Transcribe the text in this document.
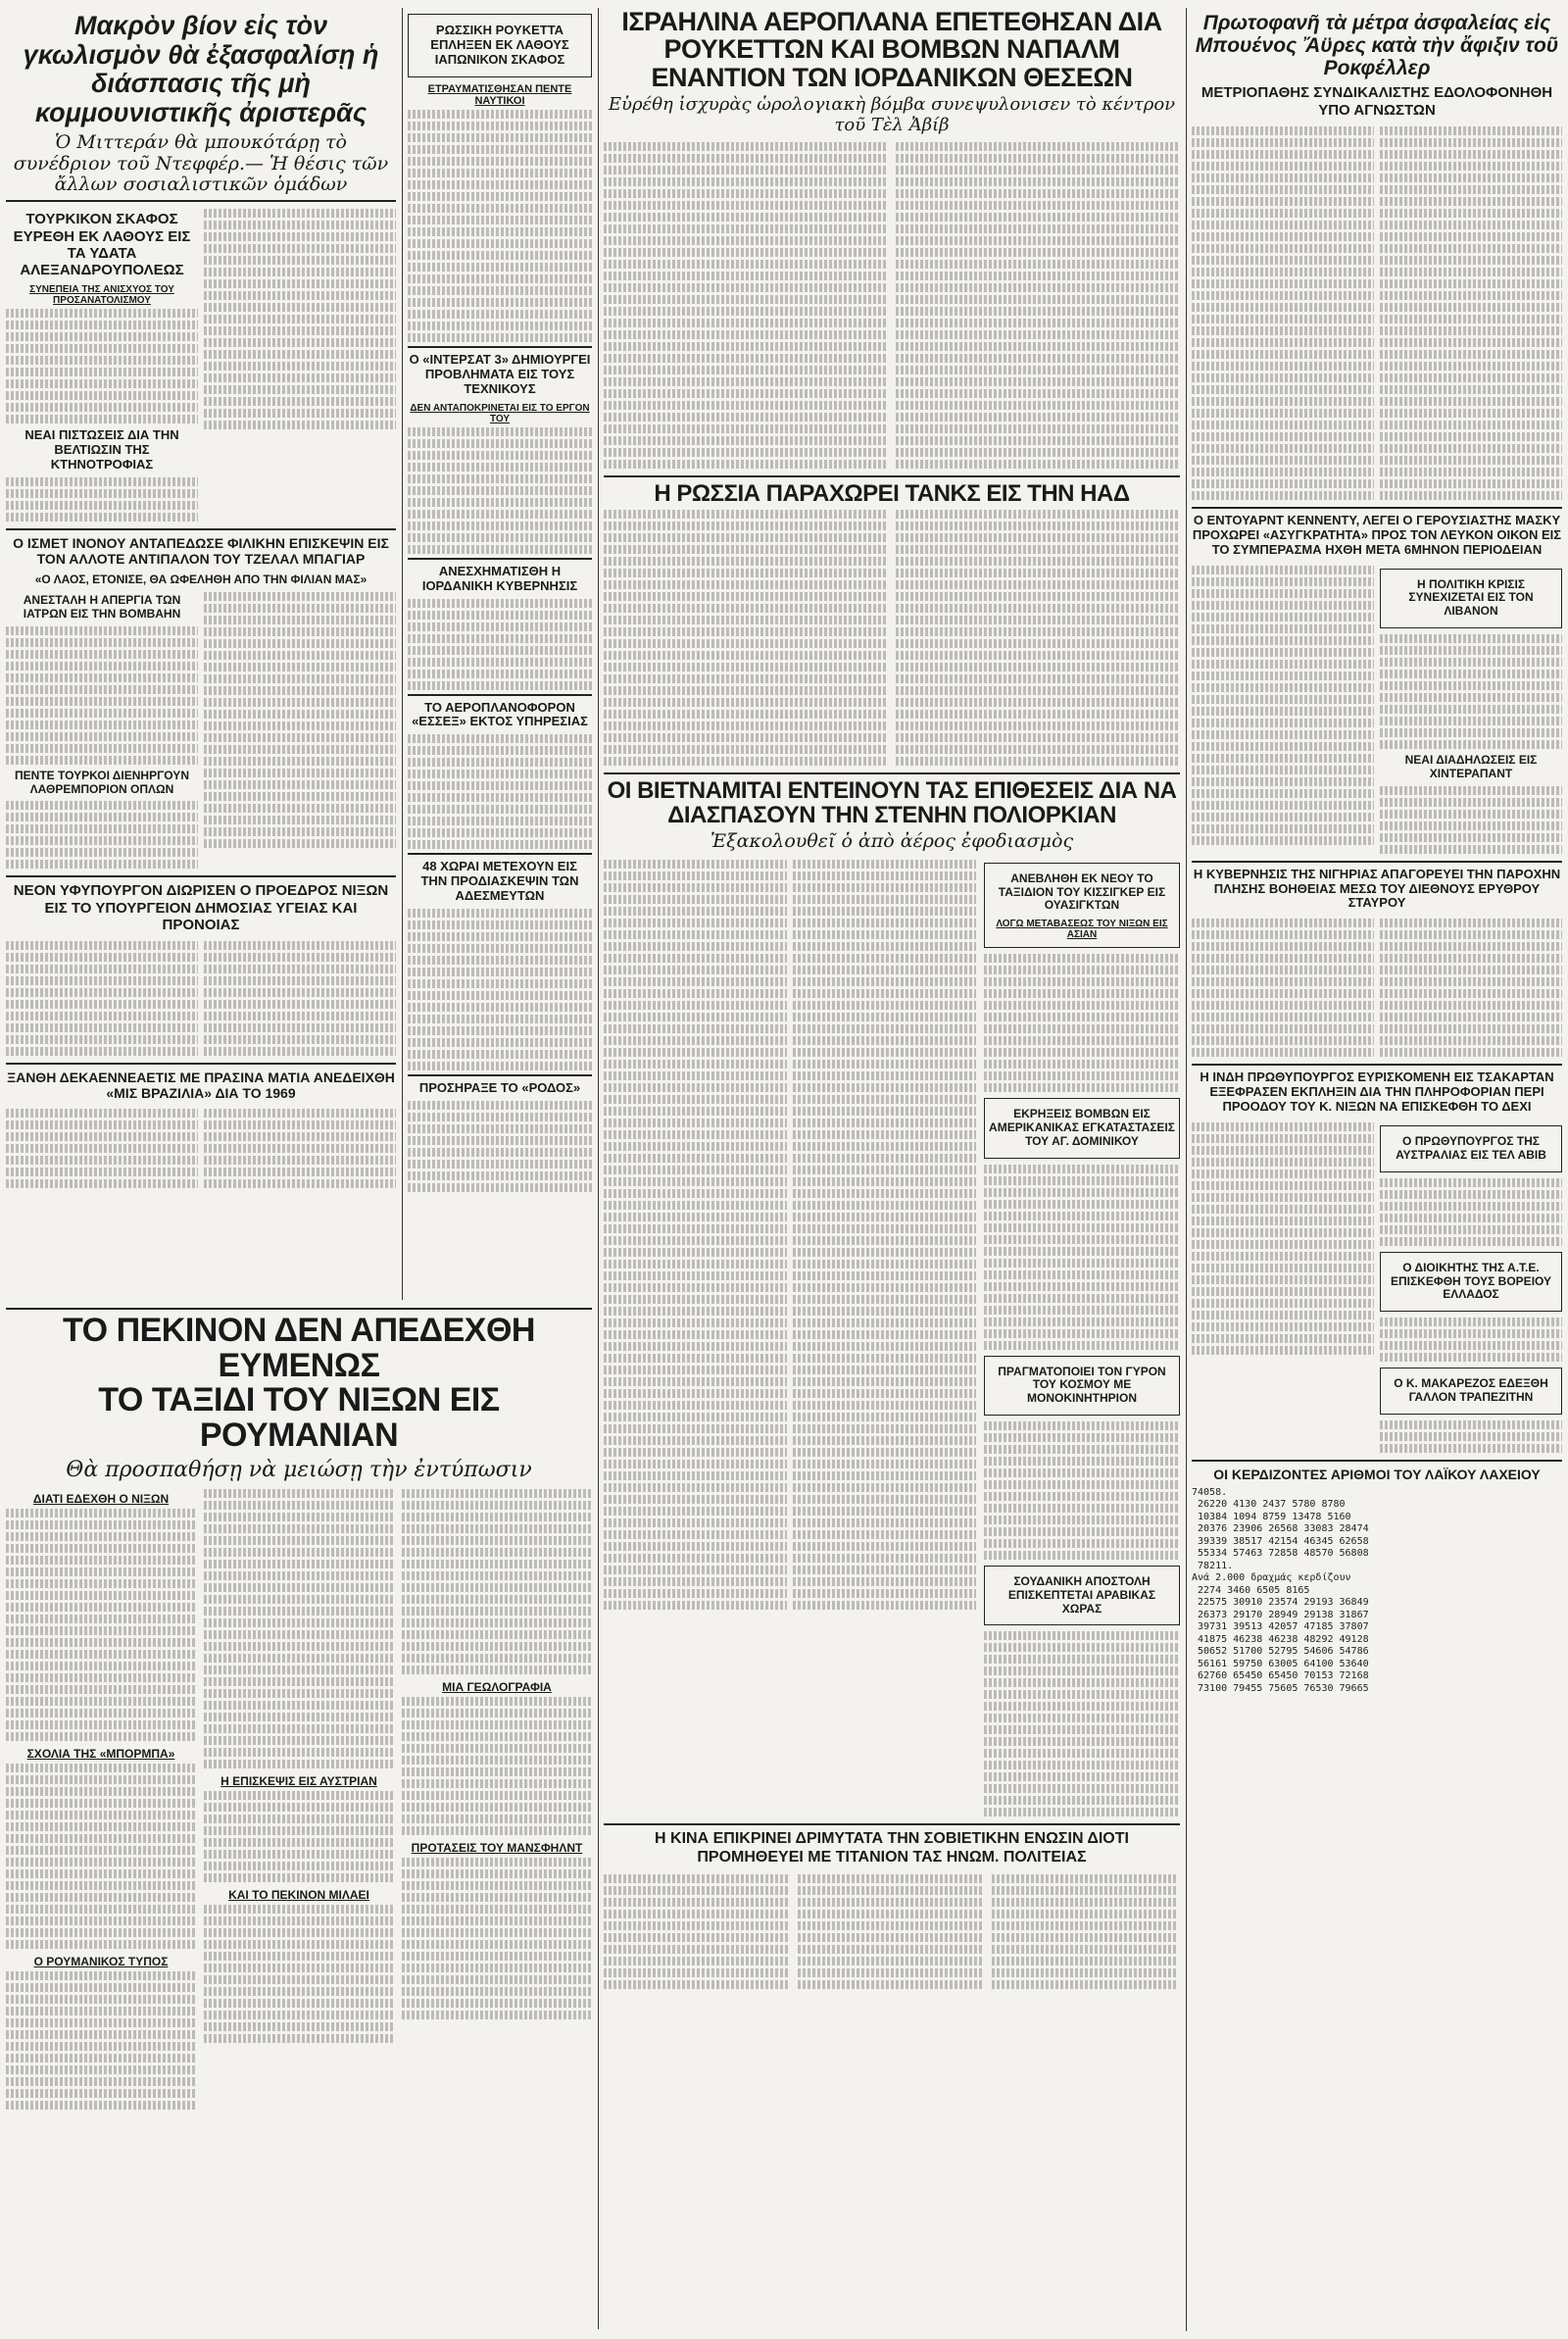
Μακρὸν βίον εἰς τὸν γκωλισμὸν θὰ ἐξασφαλίσῃ ἡ διάσπασις τῆς μὴ κομμουνιστικῆς ἀριστερᾶς

Ὁ Μιττεράν θὰ μπουκότάρῃ τὸ συνέδριον τοῦ Ντεφφέρ.— Ἡ θέσις τῶν ἄλλων σοσιαλιστικῶν ὁμάδων

ΤΟΥΡΚΙΚΟΝ ΣΚΑΦΟΣ ΕΥΡΕΘΗ ΕΚ ΛΑΘΟΥΣ ΕΙΣ ΤΑ ΥΔΑΤΑ ΑΛΕΞΑΝΔΡΟΥΠΟΛΕΩΣ
ΣΥΝΕΠΕΙΑ ΤΗΣ ΑΝΙΣΧΥΟΣ ΤΟΥ ΠΡΟΣΑΝΑΤΟΛΙΣΜΟΥ
ΝΕΑΙ ΠΙΣΤΩΣΕΙΣ ΔΙΑ ΤΗΝ ΒΕΛΤΙΩΣΙΝ ΤΗΣ ΚΤΗΝΟΤΡΟΦΙΑΣ
Ο ΙΣΜΕΤ ΙΝΟΝΟΥ ΑΝΤΑΠΕΔΩΣΕ ΦΙΛΙΚΗΝ ΕΠΙΣΚΕΨΙΝ ΕΙΣ ΤΟΝ ΑΛΛΟΤΕ ΑΝΤΙΠΑΛΟΝ ΤΟΥ ΤΖΕΛΑΛ ΜΠΑΓΙΑΡ
«Ο ΛΑΟΣ, ΕΤΟΝΙΣΕ, ΘΑ ΩΦΕΛΗΘΗ ΑΠΟ ΤΗΝ ΦΙΛΙΑΝ ΜΑΣ»
ΑΝΕΣΤΑΛΗ Η ΑΠΕΡΓΙΑ ΤΩΝ ΙΑΤΡΩΝ ΕΙΣ ΤΗΝ ΒΟΜΒΑΗΝ
ΠΕΝΤΕ ΤΟΥΡΚΟΙ ΔΙΕΝΗΡΓΟΥΝ ΛΑΘΡΕΜΠΟΡΙΟΝ ΟΠΛΩΝ
ΝΕΟΝ ΥΦΥΠΟΥΡΓΟΝ ΔΙΩΡΙΣΕΝ Ο ΠΡΟΕΔΡΟΣ ΝΙΞΩΝ ΕΙΣ ΤΟ ΥΠΟΥΡΓΕΙΟΝ ΔΗΜΟΣΙΑΣ ΥΓΕΙΑΣ ΚΑΙ ΠΡΟΝΟΙΑΣ
ΞΑΝΘΗ ΔΕΚΑΕΝΝΕΑΕΤΙΣ ΜΕ ΠΡΑΣΙΝΑ ΜΑΤΙΑ ΑΝΕΔΕΙΧΘΗ «ΜΙΣ ΒΡΑΖΙΛΙΑ» ΔΙΑ ΤΟ 1969
ΡΩΣΣΙΚΗ ΡΟΥΚΕΤΤΑ ΕΠΛΗΞΕΝ ΕΚ ΛΑΘΟΥΣ ΙΑΠΩΝΙΚΟΝ ΣΚΑΦΟΣ
ΕΤΡΑΥΜΑΤΙΣΘΗΣΑΝ ΠΕΝΤΕ ΝΑΥΤΙΚΟΙ
Ο «ΙΝΤΕΡΣΑΤ 3» ΔΗΜΙΟΥΡΓΕΙ ΠΡΟΒΛΗΜΑΤΑ ΕΙΣ ΤΟΥΣ ΤΕΧΝΙΚΟΥΣ
ΔΕΝ ΑΝΤΑΠΟΚΡΙΝΕΤΑΙ ΕΙΣ ΤΟ ΕΡΓΟΝ ΤΟΥ
ΑΝΕΣΧΗΜΑΤΙΣΘΗ Η ΙΟΡΔΑΝΙΚΗ ΚΥΒΕΡΝΗΣΙΣ
ΤΟ ΑΕΡΟΠΛΑΝΟΦΟΡΟΝ «ΕΣΣΕΞ» ΕΚΤΟΣ ΥΠΗΡΕΣΙΑΣ
48 ΧΩΡΑΙ ΜΕΤΕΧΟΥΝ ΕΙΣ ΤΗΝ ΠΡΟΔΙΑΣΚΕΨΙΝ ΤΩΝ ΑΔΕΣΜΕΥΤΩΝ
ΠΡΟΣΗΡΑΞΕ ΤΟ «ΡΟΔΟΣ»
ΙΣΡΑΗΛΙΝΑ ΑΕΡΟΠΛΑΝΑ ΕΠΕΤΕΘΗΣΑΝ ΔΙΑ ΡΟΥΚΕΤΤΩΝ ΚΑΙ ΒΟΜΒΩΝ ΝΑΠΑΛΜ ΕΝΑΝΤΙΟΝ ΤΩΝ ΙΟΡΔΑΝΙΚΩΝ ΘΕΣΕΩΝ

Εὑρέθη ἰσχυρὰς ὡρολογιακὴ βόμβα συνεψυλονισεν τὸ κέντρον τοῦ Τὲλ Ἀβίβ

Η ΡΩΣΣΙΑ ΠΑΡΑΧΩΡΕΙ ΤΑΝΚΣ ΕΙΣ ΤΗΝ ΗΑΔ
ΟΙ ΒΙΕΤΝΑΜΙΤΑΙ ΕΝΤΕΙΝΟΥΝ ΤΑΣ ΕΠΙΘΕΣΕΙΣ ΔΙΑ ΝΑ ΔΙΑΣΠΑΣΟΥΝ ΤΗΝ ΣΤΕΝΗΝ ΠΟΛΙΟΡΚΙΑΝ

Ἐξακολουθεῖ ὁ ἀπὸ ἀέρος ἐφοδιασμὸς

ΑΝΕΒΛΗΘΗ ΕΚ ΝΕΟΥ ΤΟ ΤΑΞΙΔΙΟΝ ΤΟΥ ΚΙΣΣΙΓΚΕΡ ΕΙΣ ΟΥΑΣΙΓΚΤΩΝ
ΛΟΓΩ ΜΕΤΑΒΑΣΕΩΣ ΤΟΥ ΝΙΞΩΝ ΕΙΣ ΑΣΙΑΝ
ΕΚΡΗΞΕΙΣ ΒΟΜΒΩΝ ΕΙΣ ΑΜΕΡΙΚΑΝΙΚΑΣ ΕΓΚΑΤΑΣΤΑΣΕΙΣ ΤΟΥ ΑΓ. ΔΟΜΙΝΙΚΟΥ
ΠΡΑΓΜΑΤΟΠΟΙΕΙ ΤΟΝ ΓΥΡΟΝ ΤΟΥ ΚΟΣΜΟΥ ΜΕ ΜΟΝΟΚΙΝΗΤΗΡΙΟΝ
ΣΟΥΔΑΝΙΚΗ ΑΠΟΣΤΟΛΗ ΕΠΙΣΚΕΠΤΕΤΑΙ ΑΡΑΒΙΚΑΣ ΧΩΡΑΣ
Η ΚΙΝΑ ΕΠΙΚΡΙΝΕΙ ΔΡΙΜΥΤΑΤΑ ΤΗΝ ΣΟΒΙΕΤΙΚΗΝ ΕΝΩΣΙΝ ΔΙΟΤΙ ΠΡΟΜΗΘΕΥΕΙ ΜΕ ΤΙΤΑΝΙΟΝ ΤΑΣ ΗΝΩΜ. ΠΟΛΙΤΕΙΑΣ
Πρωτοφανῆ τὰ μέτρα ἀσφαλείας εἰς Μπουένος Ἄϋρες κατὰ τὴν ἄφιξιν τοῦ Ροκφέλλερ
ΜΕΤΡΙΟΠΑΘΗΣ ΣΥΝΔΙΚΑΛΙΣΤΗΣ ΕΔΟΛΟΦΟΝΗΘΗ ΥΠΟ ΑΓΝΩΣΤΩΝ
Ο ΕΝΤΟΥΑΡΝΤ ΚΕΝΝΕΝΤΥ, ΛΕΓΕΙ Ο ΓΕΡΟΥΣΙΑΣΤΗΣ ΜΑΣΚΥ ΠΡΟΧΩΡΕΙ «ΑΣΥΓΚΡΑΤΗΤΑ» ΠΡΟΣ ΤΟΝ ΛΕΥΚΟΝ ΟΙΚΟΝ ΕΙΣ ΤΟ ΣΥΜΠΕΡΑΣΜΑ ΗΧΘΗ ΜΕΤΑ 6ΜΗΝΟΝ ΠΕΡΙΟΔΕΙΑΝ
Η ΠΟΛΙΤΙΚΗ ΚΡΙΣΙΣ ΣΥΝΕΧΙΖΕΤΑΙ ΕΙΣ ΤΟΝ ΛΙΒΑΝΟΝ
ΝΕΑΙ ΔΙΑΔΗΛΩΣΕΙΣ ΕΙΣ ΧΙΝΤΕΡΑΠΑΝΤ
Η ΚΥΒΕΡΝΗΣΙΣ ΤΗΣ ΝΙΓΗΡΙΑΣ ΑΠΑΓΟΡΕΥΕΙ ΤΗΝ ΠΑΡΟΧΗΝ ΠΛΗΣΗΣ ΒΟΗΘΕΙΑΣ ΜΕΣΩ ΤΟΥ ΔΙΕΘΝΟΥΣ ΕΡΥΘΡΟΥ ΣΤΑΥΡΟΥ
Η ΙΝΔΗ ΠΡΩΘΥΠΟΥΡΓΟΣ ΕΥΡΙΣΚΟΜΕΝΗ ΕΙΣ ΤΣΑΚΑΡΤΑΝ ΕΞΕΦΡΑΣΕΝ ΕΚΠΛΗΞΙΝ ΔΙΑ ΤΗΝ ΠΛΗΡΟΦΟΡΙΑΝ ΠΕΡΙ ΠΡΟΟΔΟΥ ΤΟΥ Κ. ΝΙΞΩΝ ΝΑ ΕΠΙΣΚΕΦΘΗ ΤΟ ΔΕΧΙ
Ο ΠΡΩΘΥΠΟΥΡΓΟΣ ΤΗΣ ΑΥΣΤΡΑΛΙΑΣ ΕΙΣ ΤΕΛ ΑΒΙΒ
Ο ΔΙΟΙΚΗΤΗΣ ΤΗΣ Α.Τ.Ε. ΕΠΙΣΚΕΦΘΗ ΤΟΥΣ ΒΟΡΕΙΟΥ ΕΛΛΑΔΟΣ
Ο Κ. ΜΑΚΑΡΕΖΟΣ ΕΔΕΞΘΗ ΓΑΛΛΟΝ ΤΡΑΠΕΖΙΤΗΝ
ΟΙ ΚΕΡΔΙΖΟΝΤΕΣ ΑΡΙΘΜΟΙ ΤΟΥ ΛΑΪΚΟΥ ΛΑΧΕΙΟΥ
74058.
26220 4130 2437 5780 8780
10384 1094 8759 13478 5160
20376 23906 26568 33083 28474
39339 38517 42154 46345 62658
55334 57463 72858 48570 56808
78211.
Ανά 2.000 δραχμάς κερδίζουν
2274 3460 6505 8165
22575 30910 23574 29193 36849
26373 29170 28949 29138 31867
39731 39513 42057 47185 37807
41875 46238 46238 48292 49128
50652 51700 52795 54606 54786
56161 59750 63005 64100 53640
62760 65450 65450 70153 72168
73100 79455 75605 76530 79665
ΤΟ ΠΕΚΙΝΟΝ ΔΕΝ ΑΠΕΔΕΧΘΗ ΕΥΜΕΝΩΣ
ΤΟ ΤΑΞΙΔΙ ΤΟΥ ΝΙΞΩΝ ΕΙΣ ΡΟΥΜΑΝΙΑΝ

Θὰ προσπαθήσῃ νὰ μειώσῃ τὴν ἐντύπωσιν

ΔΙΑΤΙ ΕΔΕΧΘΗ Ο ΝΙΞΩΝ
ΣΧΟΛΙΑ ΤΗΣ «ΜΠΟΡΜΠΑ»
Ο ΡΟΥΜΑΝΙΚΟΣ ΤΥΠΟΣ
Η ΕΠΙΣΚΕΨΙΣ ΕΙΣ ΑΥΣΤΡΙΑΝ
ΚΑΙ ΤΟ ΠΕΚΙΝΟΝ ΜΙΛΑΕΙ
ΜΙΑ ΓΕΩΛΟΓΡΑΦΙΑ
ΠΡΟΤΑΣΕΙΣ ΤΟΥ ΜΑΝΣΦΗΛΝΤ
